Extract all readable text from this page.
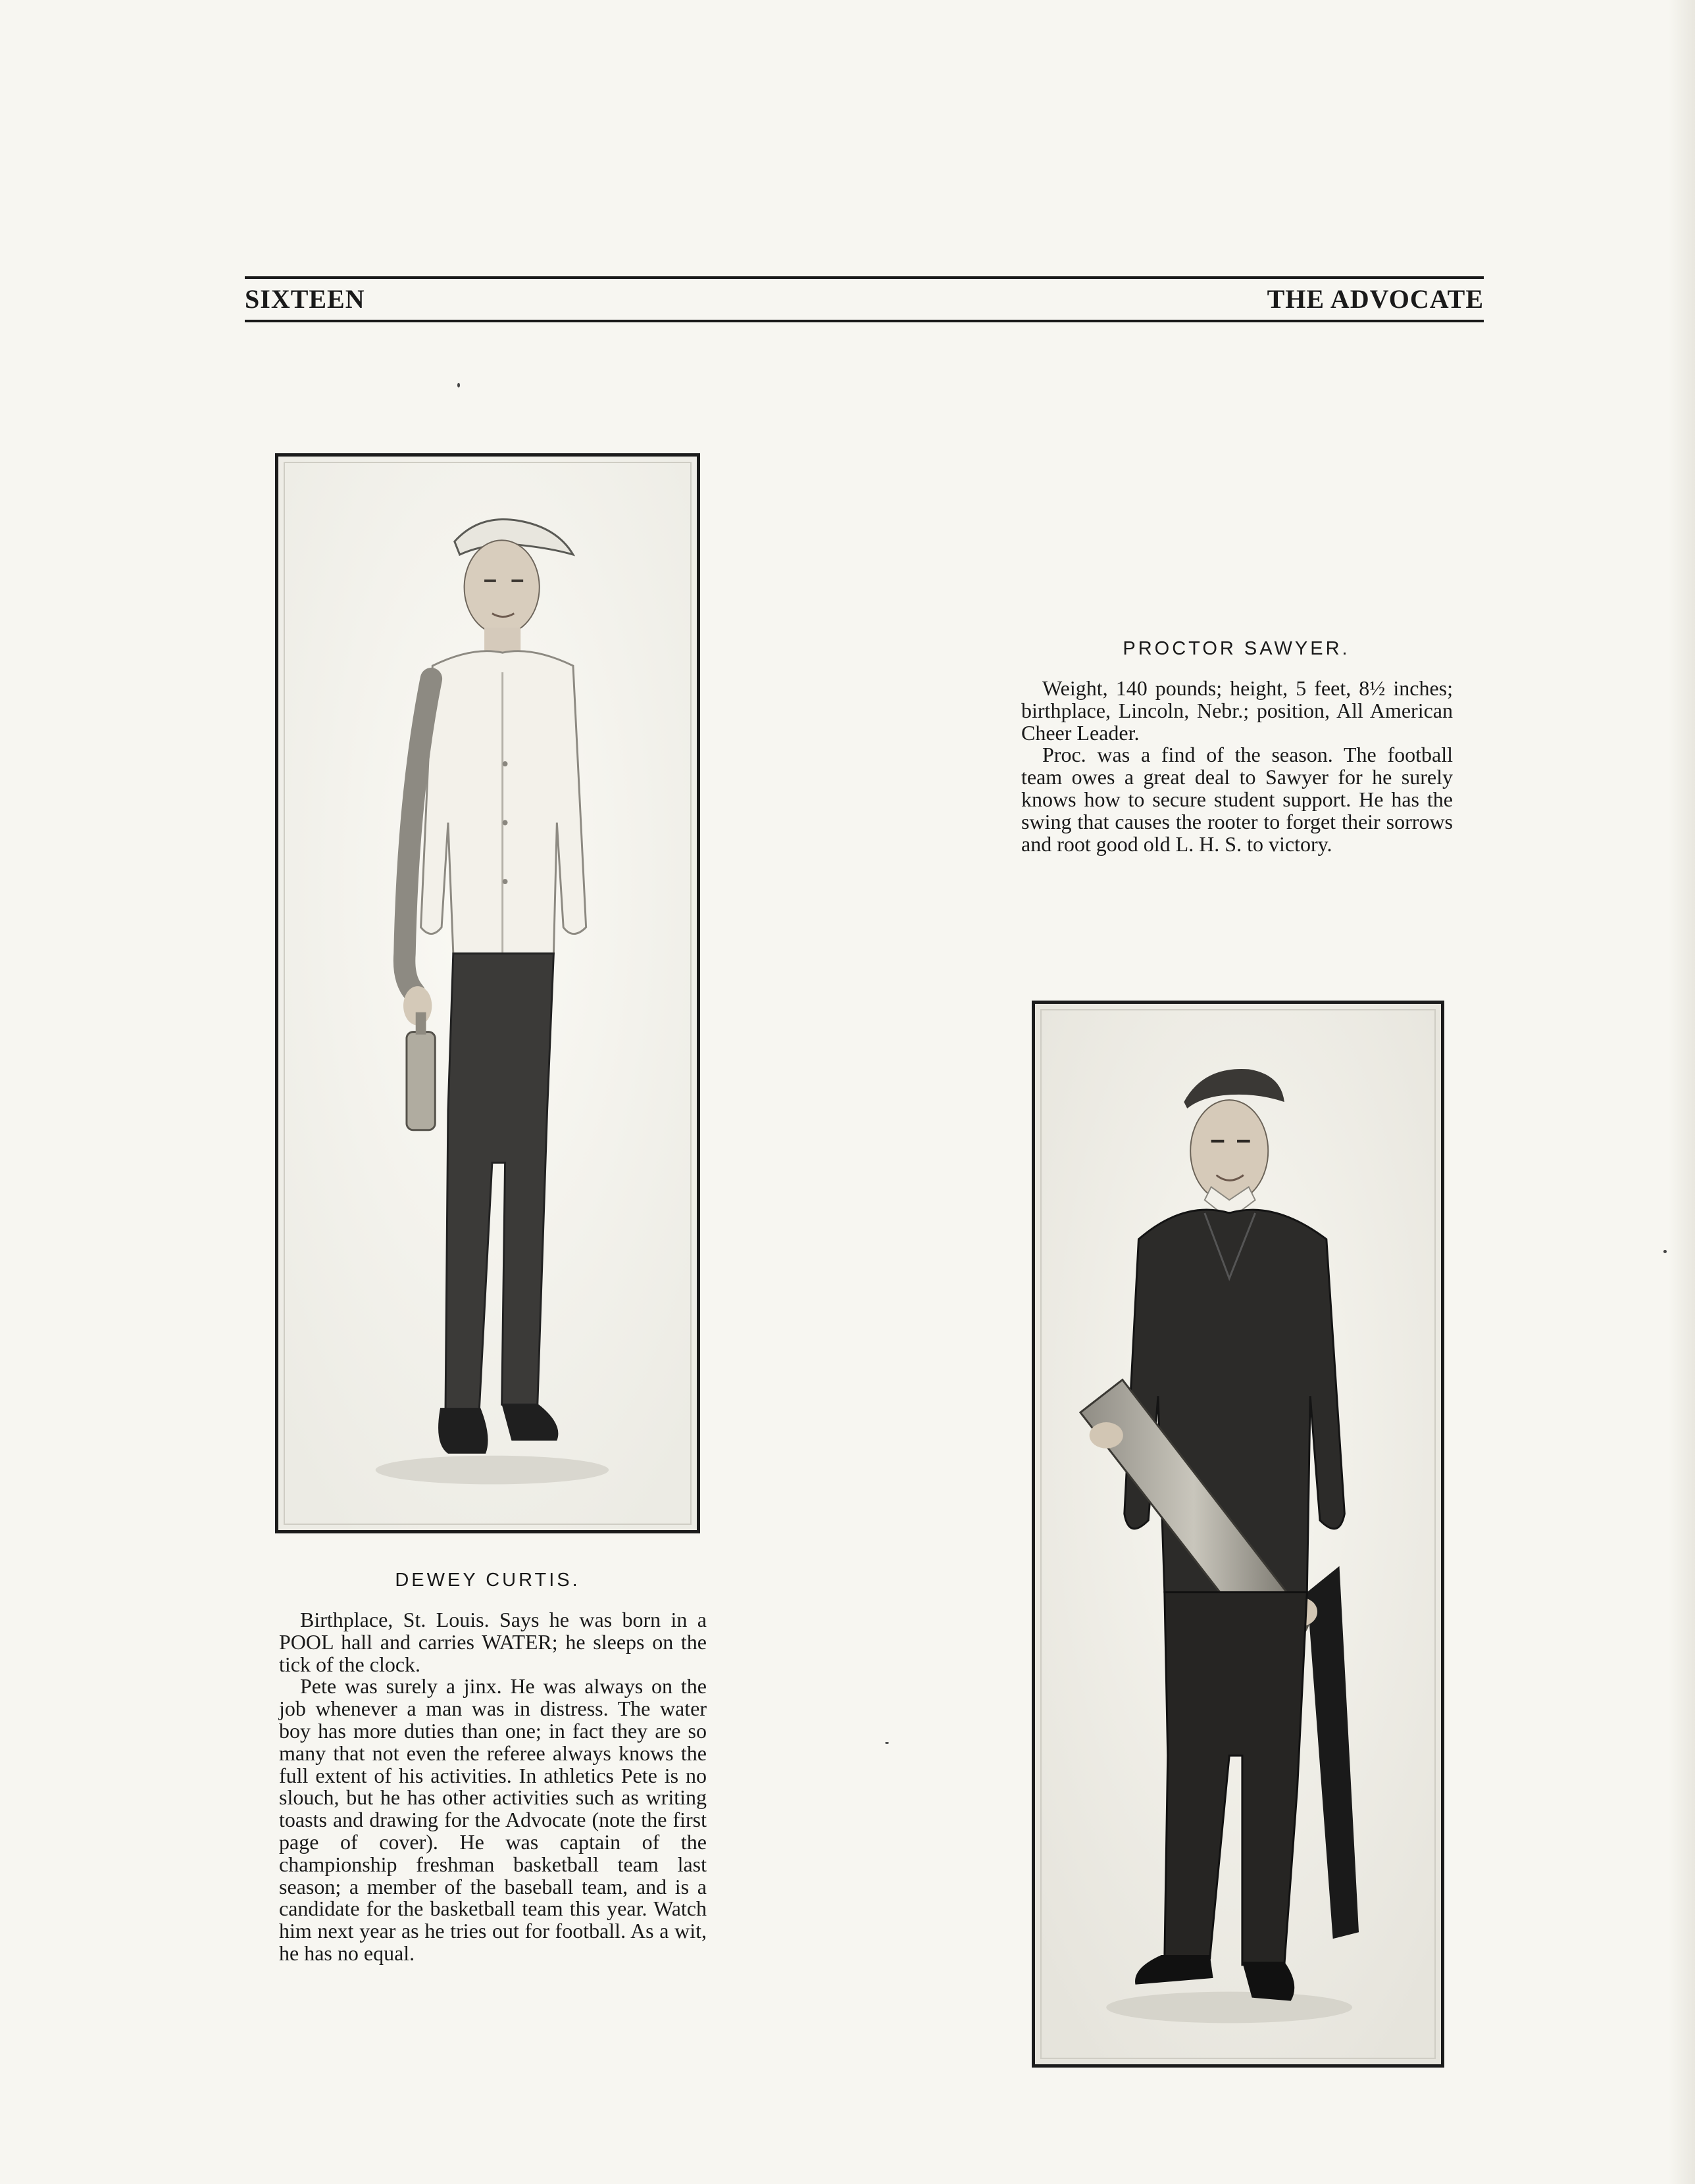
SIXTEEN	THE ADVOCATE
DEWEY CURTIS.

Birthplace, St. Louis. Says he was born in a POOL hall and carries WATER; he sleeps on the tick of the clock.

Pete was surely a jinx. He was always on the job whenever a man was in distress. The water boy has more duties than one; in fact they are so many that not even the referee always knows the full extent of his activities. In athletics Pete is no slouch, but he has other activities such as writing toasts and drawing for the Advocate (note the first page of cover). He was captain of the championship freshman basketball team last season; a member of the baseball team, and is a candidate for the basketball team this year. Watch him next year as he tries out for football. As a wit, he has no equal.

PROCTOR SAWYER.

Weight, 140 pounds; height, 5 feet, 8½ inches; birthplace, Lincoln, Nebr.; position, All American Cheer Leader.

Proc. was a find of the season. The football team owes a great deal to Sawyer for he surely knows how to secure student support. He has the swing that causes the rooter to forget their sorrows and root good old L. H. S. to victory.
